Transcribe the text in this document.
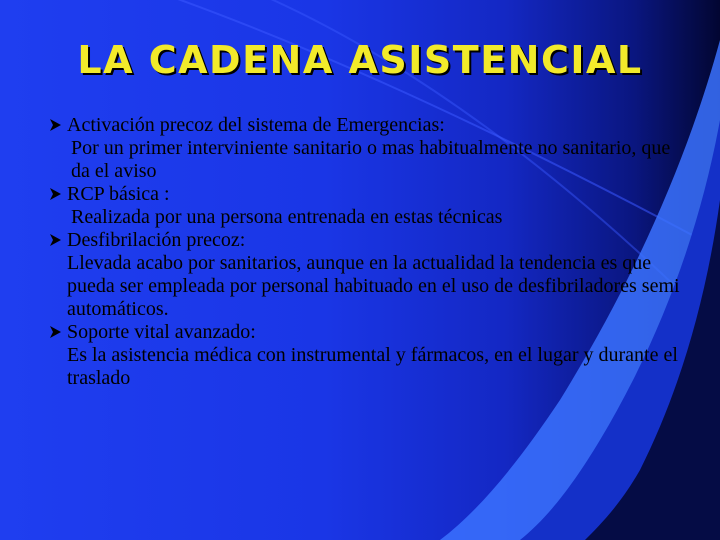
LA CADENA ASISTENCIAL
Activación precoz del sistema de Emergencias:
Por un primer interviniente sanitario o mas habitualmente no sanitario, que da el aviso
RCP básica :
Realizada por una persona entrenada en estas técnicas
Desfibrilación precoz:
Llevada acabo por sanitarios, aunque en la actualidad la tendencia es que pueda ser empleada por personal habituado en el uso de desfibriladores semi automáticos.
Soporte vital avanzado:
Es la asistencia médica con instrumental y fármacos, en el lugar y durante el traslado
